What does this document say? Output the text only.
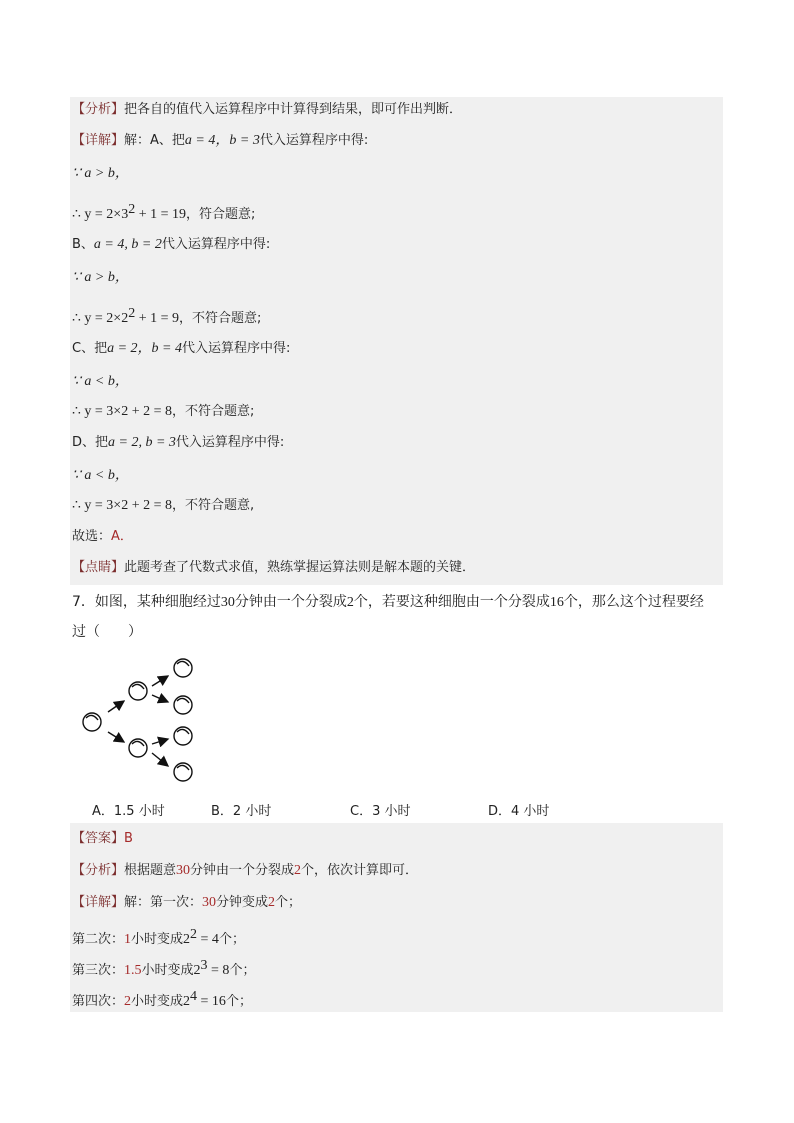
【分析】把各自的值代入运算程序中计算得到结果，即可作出判断．
【详解】解：A、把a = 4，b = 3代入运算程序中得:
∵ a > b，
∴ $y = 2\times 3^2 + 1 = 19$，符合题意;
B、a = 4, b = 2代入运算程序中得:
∵ a > b，
∴ $y = 2\times 2^2 + 1 = 9$，不符合题意;
C、把a = 2，b = 4代入运算程序中得:
∵ a < b，
∴ y = 3×2 + 2 = 8，不符合题意;
D、把a = 2, b = 3代入运算程序中得:
∵ a < b，
∴ y = 3×2 + 2 = 8，不符合题意,
故选：A．
【点睛】此题考查了代数式求值，熟练掌握运算法则是解本题的关键．
7．如图，某种细胞经过30分钟由一个分裂成2个，若要这种细胞由一个分裂成16个，那么这个过程要经
过（　　）
A．1.5 小时	B．2 小时	C．3 小时	D．4 小时
【答案】B
【分析】根据题意30分钟由一个分裂成2个，依次计算即可．
【详解】解：第一次：30分钟变成2个；
第二次：1小时变成$2^2 = 4$个；
第三次：1.5小时变成$2^3 = 8$个；
第四次：2小时变成$2^4 = 16$个；
